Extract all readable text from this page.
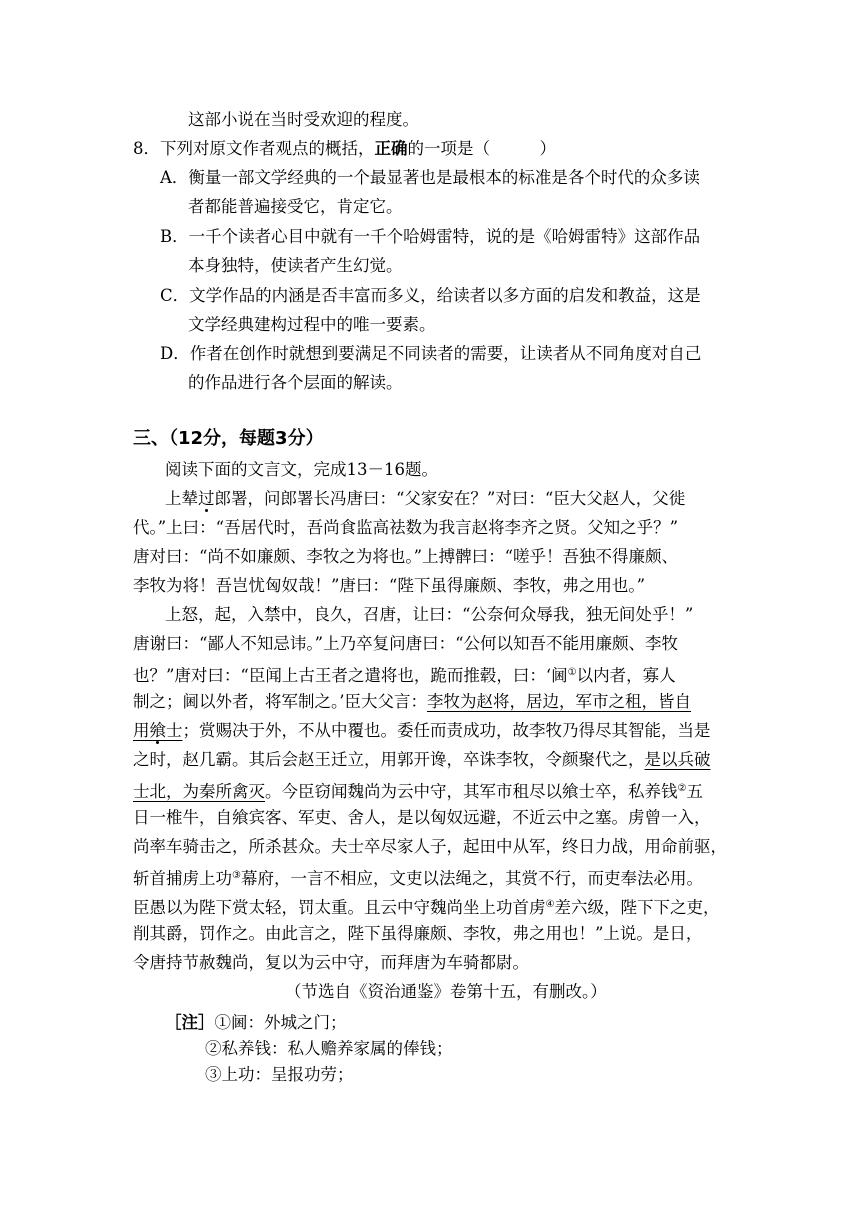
这部小说在当时受欢迎的程度。
8．下列对原文作者观点的概括，正确的一项是（　　　）
A．衡量一部文学经典的一个最显著也是最根本的标准是各个时代的众多读
者都能普遍接受它，肯定它。
B．一千个读者心目中就有一千个哈姆雷特，说的是《哈姆雷特》这部作品
本身独特，使读者产生幻觉。
C．文学作品的内涵是否丰富而多义，给读者以多方面的启发和教益，这是
文学经典建构过程中的唯一要素。
D．作者在创作时就想到要满足不同读者的需要，让读者从不同角度对自己
的作品进行各个层面的解读。
三、（12分，每题3分）
阅读下面的文言文，完成13－16题。
上辇过郎署，问郎署长冯唐曰：“父家安在？”对曰：“臣大父赵人，父徙
代。”上曰：“吾居代时，吾尚食监高祛数为我言赵将李齐之贤。父知之乎？”
唐对曰：“尚不如廉颇、李牧之为将也。”上搏髀曰：“嗟乎！吾独不得廉颇、
李牧为将！吾岂忧匈奴哉！”唐曰：“陛下虽得廉颇、李牧，弗之用也。”
上怒，起，入禁中，良久，召唐，让曰：“公奈何众辱我，独无间处乎！”
唐谢曰：“鄙人不知忌讳。”上乃卒复问唐曰：“公何以知吾不能用廉颇、李牧
也？”唐对曰：“臣闻上古王者之遣将也，跪而推毂，曰：‘阃①以内者，寡人
制之；阃以外者，将军制之。’臣大父言：李牧为赵将，居边，军市之租，皆自
用飨士；赏赐决于外，不从中覆也。委任而责成功，故李牧乃得尽其智能，当是
之时，赵几霸。其后会赵王迁立，用郭开谗，卒诛李牧，令颜聚代之，是以兵破
士北，为秦所禽灭。今臣窃闻魏尚为云中守，其军市租尽以飨士卒，私养钱②五
日一椎牛，自飨宾客、军吏、舍人，是以匈奴远避，不近云中之塞。虏曾一入，
尚率车骑击之，所杀甚众。夫士卒尽家人子，起田中从军，终日力战，用命前驱，
斩首捕虏上功③幕府，一言不相应，文吏以法绳之，其赏不行，而吏奉法必用。
臣愚以为陛下赏太轻，罚太重。且云中守魏尚坐上功首虏④差六级，陛下下之吏，
削其爵，罚作之。由此言之，陛下虽得廉颇、李牧，弗之用也！”上说。是日，
令唐持节赦魏尚，复以为云中守，而拜唐为车骑都尉。
（节选自《资治通鉴》卷第十五，有删改。）
［注］①阃：外城之门；
②私养钱：私人赡养家属的俸钱；
③上功：呈报功劳；
